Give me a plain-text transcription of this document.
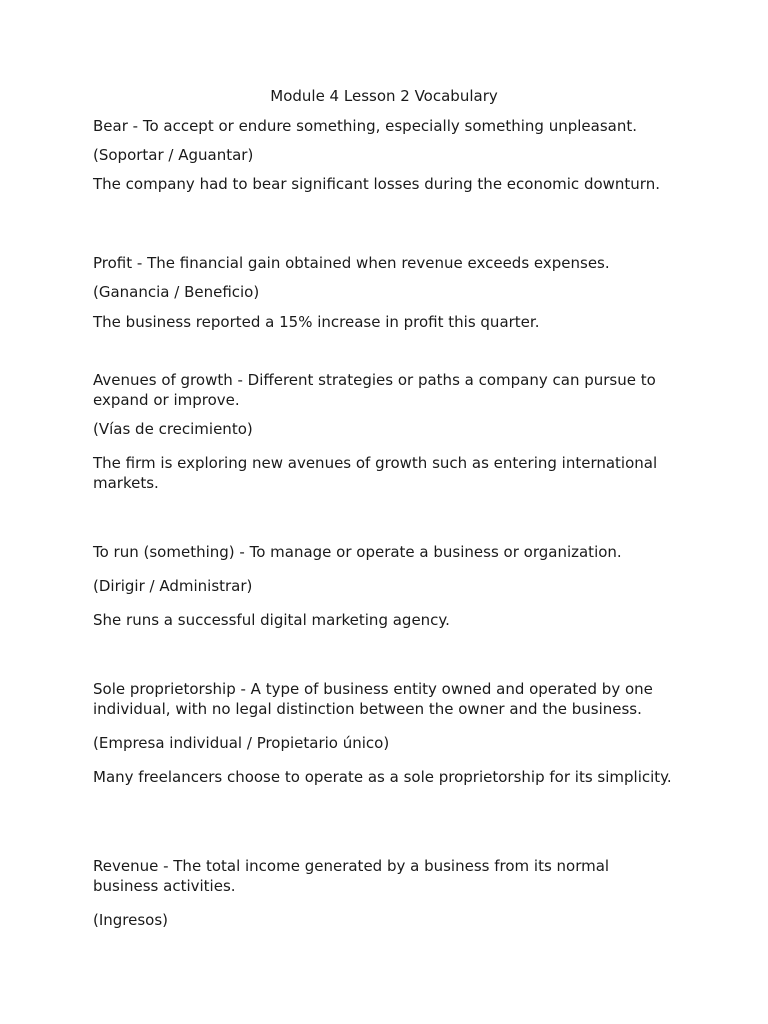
Module 4 Lesson 2 Vocabulary
Bear - To accept or endure something, especially something unpleasant.
(Soportar / Aguantar)
The company had to bear significant losses during the economic downturn.
Profit - The financial gain obtained when revenue exceeds expenses.
(Ganancia / Beneficio)
The business reported a 15% increase in profit this quarter.
Avenues of growth - Different strategies or paths a company can pursue to expand or improve.
(Vías de crecimiento)
The firm is exploring new avenues of growth such as entering international markets.
To run (something) - To manage or operate a business or organization.
(Dirigir / Administrar)
She runs a successful digital marketing agency.
Sole proprietorship - A type of business entity owned and operated by one individual, with no legal distinction between the owner and the business.
(Empresa individual / Propietario único)
Many freelancers choose to operate as a sole proprietorship for its simplicity.
Revenue - The total income generated by a business from its normal business activities.
(Ingresos)
